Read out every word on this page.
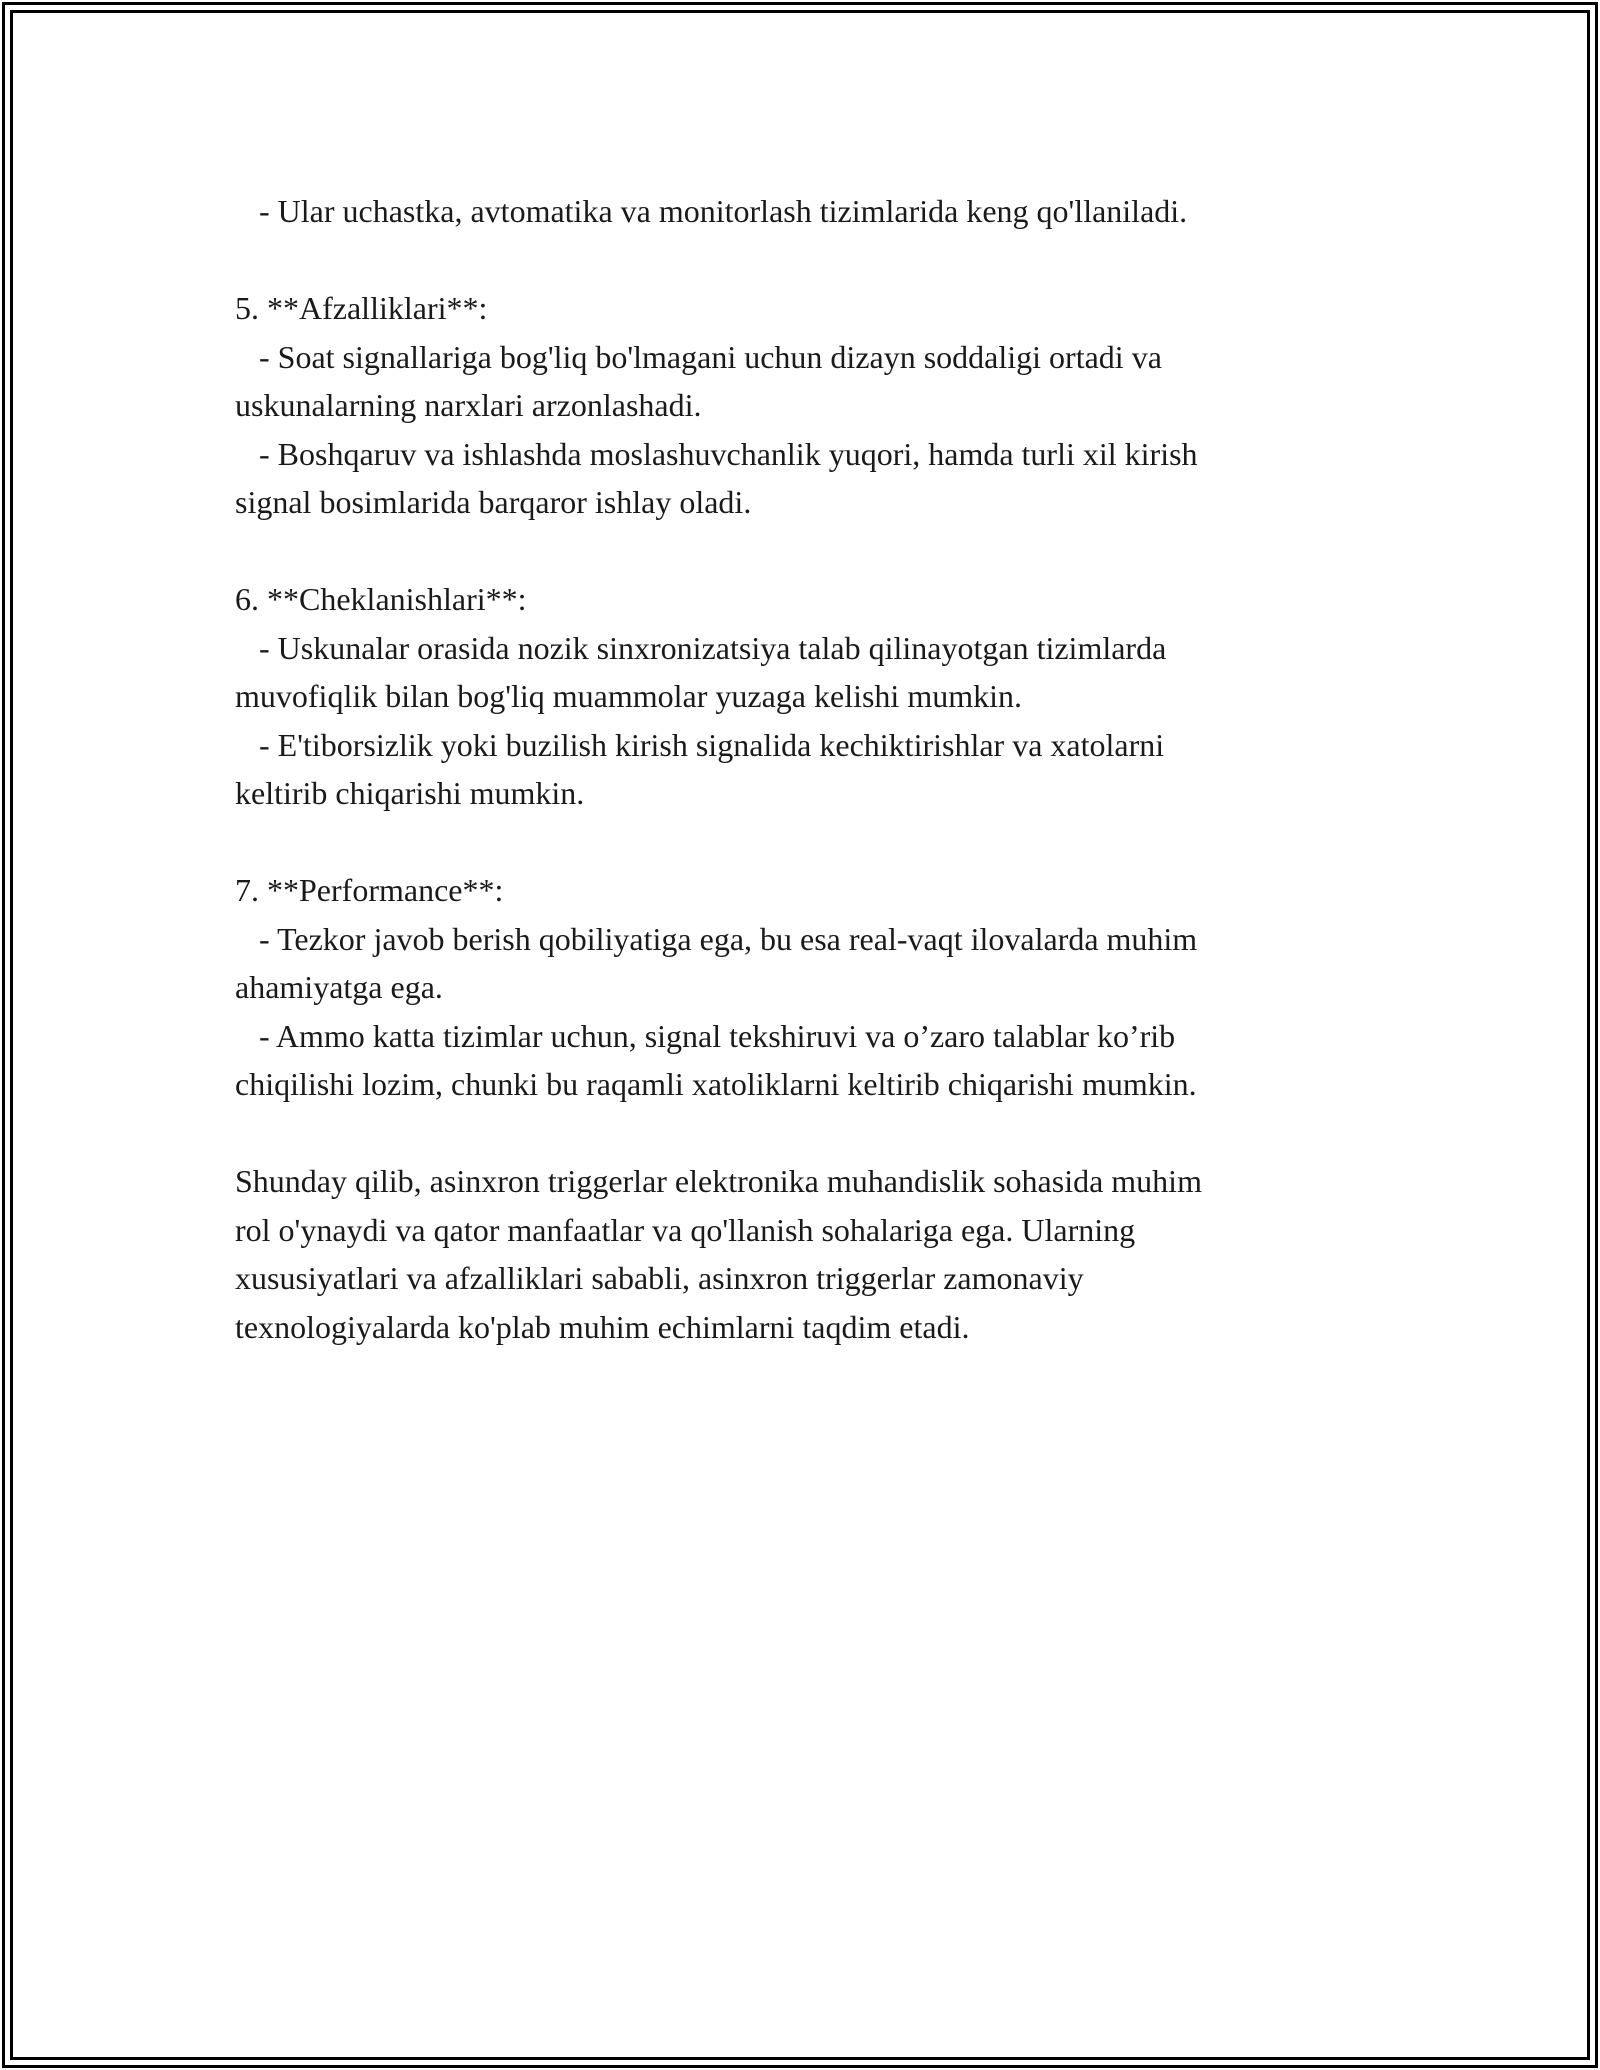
- Ular uchastka, avtomatika va monitorlash tizimlarida keng qo'llaniladi.
5. **Afzalliklari**:
- Soat signallariga bog'liq bo'lmagani uchun dizayn soddaligi ortadi va
uskunalarning narxlari arzonlashadi.
- Boshqaruv va ishlashda moslashuvchanlik yuqori, hamda turli xil kirish
signal bosimlarida barqaror ishlay oladi.
6. **Cheklanishlari**:
- Uskunalar orasida nozik sinxronizatsiya talab qilinayotgan tizimlarda
muvofiqlik bilan bog'liq muammolar yuzaga kelishi mumkin.
- E'tiborsizlik yoki buzilish kirish signalida kechiktirishlar va xatolarni
keltirib chiqarishi mumkin.
7. **Performance**:
- Tezkor javob berish qobiliyatiga ega, bu esa real-vaqt ilovalarda muhim
ahamiyatga ega.
- Ammo katta tizimlar uchun, signal tekshiruvi va o’zaro talablar ko’rib
chiqilishi lozim, chunki bu raqamli xatoliklarni keltirib chiqarishi mumkin.
Shunday qilib, asinxron triggerlar elektronika muhandislik sohasida muhim
rol o'ynaydi va qator manfaatlar va qo'llanish sohalariga ega. Ularning
xususiyatlari va afzalliklari sababli, asinxron triggerlar zamonaviy
texnologiyalarda ko'plab muhim echimlarni taqdim etadi.
